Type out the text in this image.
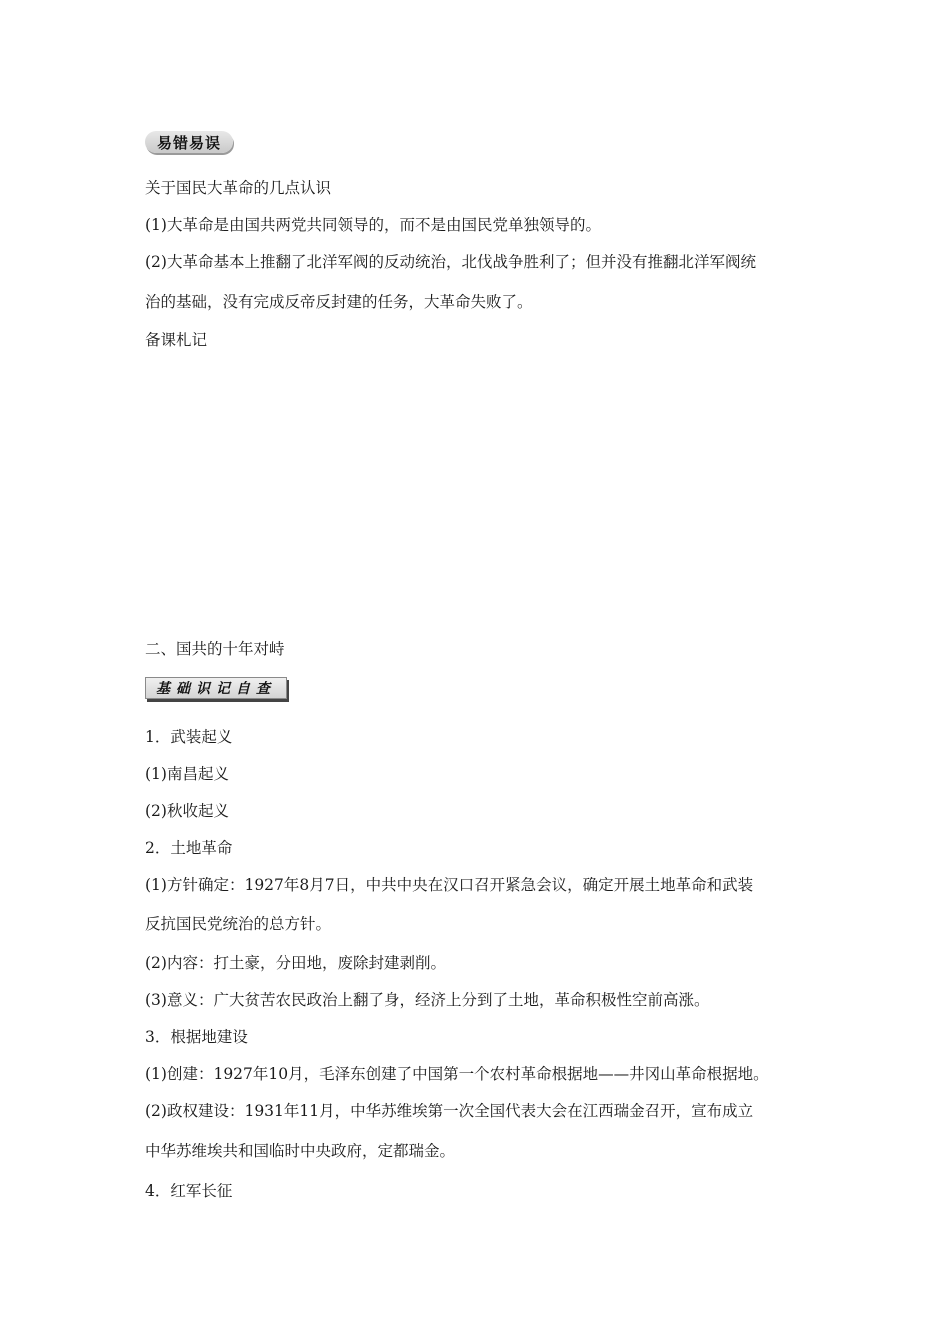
易错易误
关于国民大革命的几点认识
(1)大革命是由国共两党共同领导的，而不是由国民党单独领导的。
(2)大革命基本上推翻了北洋军阀的反动统治，北伐战争胜利了；但并没有推翻北洋军阀统
治的基础，没有完成反帝反封建的任务，大革命失败了。
备课札记
二、国共的十年对峙
基础识记自查
1．武装起义
(1)南昌起义
(2)秋收起义
2．土地革命
(1)方针确定：1927年8月7日，中共中央在汉口召开紧急会议，确定开展土地革命和武装
反抗国民党统治的总方针。
(2)内容：打土豪，分田地，废除封建剥削。
(3)意义：广大贫苦农民政治上翻了身，经济上分到了土地，革命积极性空前高涨。
3．根据地建设
(1)创建：1927年10月，毛泽东创建了中国第一个农村革命根据地——井冈山革命根据地。
(2)政权建设：1931年11月，中华苏维埃第一次全国代表大会在江西瑞金召开，宣布成立
中华苏维埃共和国临时中央政府，定都瑞金。
4．红军长征
